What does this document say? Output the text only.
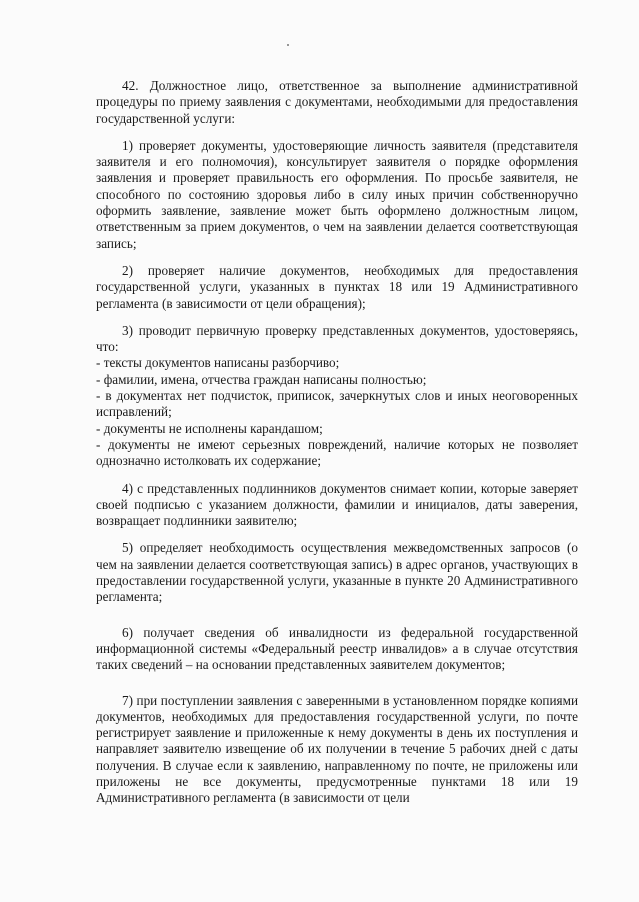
42. Должностное лицо, ответственное за выполнение административной процедуры по приему заявления с документами, необходимыми для предоставления государственной услуги:

1) проверяет документы, удостоверяющие личность заявителя (представителя заявителя и его полномочия), консультирует заявителя о порядке оформления заявления и проверяет правильность его оформления. По просьбе заявителя, не способного по состоянию здоровья либо в силу иных причин собственноручно оформить заявление, заявление может быть оформлено должностным лицом, ответственным за прием документов, о чем на заявлении делается соответствующая запись;

2) проверяет наличие документов, необходимых для предоставления государственной услуги, указанных в пунктах 18 или 19 Административного регламента (в зависимости от цели обращения);

3) проводит первичную проверку представленных документов, удостоверяясь, что:

- тексты документов написаны разборчиво;

- фамилии, имена, отчества граждан написаны полностью;

- в документах нет подчисток, приписок, зачеркнутых слов и иных неоговоренных исправлений;

- документы не исполнены карандашом;

- документы не имеют серьезных повреждений, наличие которых не позволяет однозначно истолковать их содержание;

4) с представленных подлинников документов снимает копии, которые заверяет своей подписью с указанием должности, фамилии и инициалов, даты заверения, возвращает подлинники заявителю;

5) определяет необходимость осуществления межведомственных запросов (о чем на заявлении делается соответствующая запись) в адрес органов, участвующих в предоставлении государственной услуги, указанные в пункте 20 Административного регламента;

6) получает сведения об инвалидности из федеральной государственной информационной системы «Федеральный реестр инвалидов» а в случае отсутствия таких сведений – на основании представленных заявителем документов;

7) при поступлении заявления с заверенными в установленном порядке копиями документов, необходимых для предоставления государственной услуги, по почте регистрирует заявление и приложенные к нему документы в день их поступления и направляет заявителю извещение об их получении в течение 5 рабочих дней с даты получения. В случае если к заявлению, направленному по почте, не приложены или приложены не все документы, предусмотренные пунктами 18 или 19 Административного регламента (в зависимости от цели
